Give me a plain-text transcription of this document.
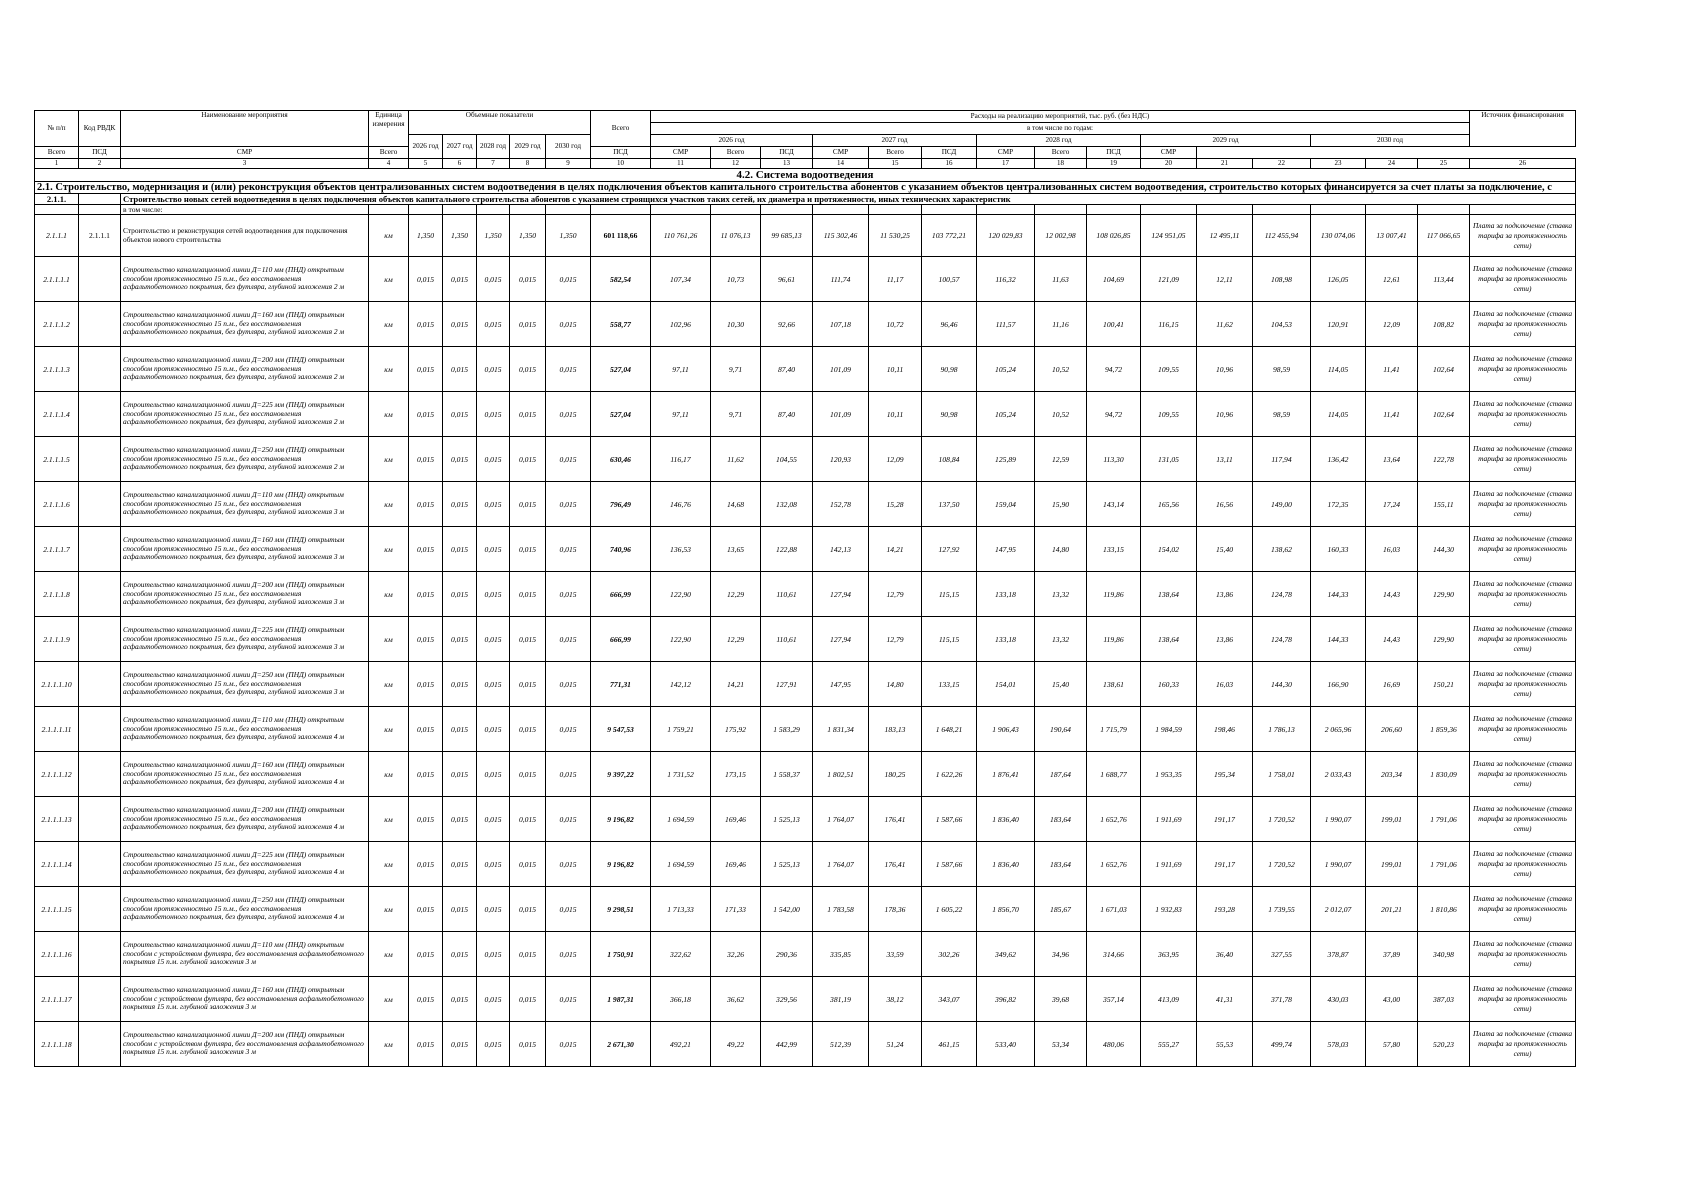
№ п/п	Код РВДК	Наименование мероприятия	Единица измерения	Объемные показатели					Всего	Расходы на реализацию мероприятий, тыс. руб. (без НДС)															Источник финансирования
										в том числе по годам:															
				2026 год	2027 год	2028 год	2029 год	2030 год		2026 год			2027 год			2028 год			2029 год			2030 год			
Всего	ПСД	СМР	Всего						ПСД	СМР	Всего	ПСД	СМР	Всего	ПСД	СМР	Всего	ПСД	СМР						
1	2	3	4	5	6	7	8	9	10	11	12	13	14	15	16	17	18	19	20	21	22	23	24	25	26
4.2. Система водоотведения																									
2.1. Строительство, модернизация и (или) реконструкция объектов централизованных систем водоотведения в целях подключения объектов капитального строительства абонентов с указанием объектов централизованных систем водоотведения, строительство которых финансируется за счет платы за подключение, с																									
2.1.1.		Строительство новых сетей водоотведения в целях подключения объектов капитального строительства абонентов с указанием строящихся участков таких сетей, их диаметра и протяженности, иных технических характеристик																							
		в том числе:																							
2.1.1.1	2.1.1.1	Строительство и реконструкция сетей водоотведения для подключения объектов нового строительства	км	1,350	1,350	1,350	1,350	1,350	601 118,66	110 761,26	11 076,13	99 685,13	115 302,46	11 530,25	103 772,21	120 029,83	12 002,98	108 026,85	124 951,05	12 495,11	112 455,94	130 074,06	13 007,41	117 066,65	Плата за подключение (ставка тарифа за протяженность сети)
2.1.1.1.1		Строительство канализационной линии Д=110 мм (ПНД) открытым способом протяженностью 15 п.м., без восстановления асфальтобетонного покрытия, без футляра, глубиной заложения 2 м	км	0,015	0,015	0,015	0,015	0,015	582,54	107,34	10,73	96,61	111,74	11,17	100,57	116,32	11,63	104,69	121,09	12,11	108,98	126,05	12,61	113,44	Плата за подключение (ставка тарифа за протяженность сети)
2.1.1.1.2		Строительство канализационной линии Д=160 мм (ПНД) открытым способом протяженностью 15 п.м., без восстановления асфальтобетонного покрытия, без футляра, глубиной заложения 2 м	км	0,015	0,015	0,015	0,015	0,015	558,77	102,96	10,30	92,66	107,18	10,72	96,46	111,57	11,16	100,41	116,15	11,62	104,53	120,91	12,09	108,82	Плата за подключение (ставка тарифа за протяженность сети)
2.1.1.1.3		Строительство канализационной линии Д=200 мм (ПНД) открытым способом протяженностью 15 п.м., без восстановления асфальтобетонного покрытия, без футляра, глубиной заложения 2 м	км	0,015	0,015	0,015	0,015	0,015	527,04	97,11	9,71	87,40	101,09	10,11	90,98	105,24	10,52	94,72	109,55	10,96	98,59	114,05	11,41	102,64	Плата за подключение (ставка тарифа за протяженность сети)
2.1.1.1.4		Строительство канализационной линии Д=225 мм (ПНД) открытым способом протяженностью 15 п.м., без восстановления асфальтобетонного покрытия, без футляра, глубиной заложения 2 м	км	0,015	0,015	0,015	0,015	0,015	527,04	97,11	9,71	87,40	101,09	10,11	90,98	105,24	10,52	94,72	109,55	10,96	98,59	114,05	11,41	102,64	Плата за подключение (ставка тарифа за протяженность сети)
2.1.1.1.5		Строительство канализационной линии Д=250 мм (ПНД) открытым способом протяженностью 15 п.м., без восстановления асфальтобетонного покрытия, без футляра, глубиной заложения 2 м	км	0,015	0,015	0,015	0,015	0,015	630,46	116,17	11,62	104,55	120,93	12,09	108,84	125,89	12,59	113,30	131,05	13,11	117,94	136,42	13,64	122,78	Плата за подключение (ставка тарифа за протяженность сети)
2.1.1.1.6		Строительство канализационной линии Д=110 мм (ПНД) открытым способом протяженностью 15 п.м., без восстановления асфальтобетонного покрытия, без футляра, глубиной заложения 3 м	км	0,015	0,015	0,015	0,015	0,015	796,49	146,76	14,68	132,08	152,78	15,28	137,50	159,04	15,90	143,14	165,56	16,56	149,00	172,35	17,24	155,11	Плата за подключение (ставка тарифа за протяженность сети)
2.1.1.1.7		Строительство канализационной линии Д=160 мм (ПНД) открытым способом протяженностью 15 п.м., без восстановления асфальтобетонного покрытия, без футляра, глубиной заложения 3 м	км	0,015	0,015	0,015	0,015	0,015	740,96	136,53	13,65	122,88	142,13	14,21	127,92	147,95	14,80	133,15	154,02	15,40	138,62	160,33	16,03	144,30	Плата за подключение (ставка тарифа за протяженность сети)
2.1.1.1.8		Строительство канализационной линии Д=200 мм (ПНД) открытым способом протяженностью 15 п.м., без восстановления асфальтобетонного покрытия, без футляра, глубиной заложения 3 м	км	0,015	0,015	0,015	0,015	0,015	666,99	122,90	12,29	110,61	127,94	12,79	115,15	133,18	13,32	119,86	138,64	13,86	124,78	144,33	14,43	129,90	Плата за подключение (ставка тарифа за протяженность сети)
2.1.1.1.9		Строительство канализационной линии Д=225 мм (ПНД) открытым способом протяженностью 15 п.м., без восстановления асфальтобетонного покрытия, без футляра, глубиной заложения 3 м	км	0,015	0,015	0,015	0,015	0,015	666,99	122,90	12,29	110,61	127,94	12,79	115,15	133,18	13,32	119,86	138,64	13,86	124,78	144,33	14,43	129,90	Плата за подключение (ставка тарифа за протяженность сети)
2.1.1.1.10		Строительство канализационной линии Д=250 мм (ПНД) открытым способом протяженностью 15 п.м., без восстановления асфальтобетонного покрытия, без футляра, глубиной заложения 3 м	км	0,015	0,015	0,015	0,015	0,015	771,31	142,12	14,21	127,91	147,95	14,80	133,15	154,01	15,40	138,61	160,33	16,03	144,30	166,90	16,69	150,21	Плата за подключение (ставка тарифа за протяженность сети)
2.1.1.1.11		Строительство канализационной линии Д=110 мм (ПНД) открытым способом протяженностью 15 п.м., без восстановления асфальтобетонного покрытия, без футляра, глубиной заложения 4 м	км	0,015	0,015	0,015	0,015	0,015	9 547,53	1 759,21	175,92	1 583,29	1 831,34	183,13	1 648,21	1 906,43	190,64	1 715,79	1 984,59	198,46	1 786,13	2 065,96	206,60	1 859,36	Плата за подключение (ставка тарифа за протяженность сети)
2.1.1.1.12		Строительство канализационной линии Д=160 мм (ПНД) открытым способом протяженностью 15 п.м., без восстановления асфальтобетонного покрытия, без футляра, глубиной заложения 4 м	км	0,015	0,015	0,015	0,015	0,015	9 397,22	1 731,52	173,15	1 558,37	1 802,51	180,25	1 622,26	1 876,41	187,64	1 688,77	1 953,35	195,34	1 758,01	2 033,43	203,34	1 830,09	Плата за подключение (ставка тарифа за протяженность сети)
2.1.1.1.13		Строительство канализационной линии Д=200 мм (ПНД) открытым способом протяженностью 15 п.м., без восстановления асфальтобетонного покрытия, без футляра, глубиной заложения 4 м	км	0,015	0,015	0,015	0,015	0,015	9 196,82	1 694,59	169,46	1 525,13	1 764,07	176,41	1 587,66	1 836,40	183,64	1 652,76	1 911,69	191,17	1 720,52	1 990,07	199,01	1 791,06	Плата за подключение (ставка тарифа за протяженность сети)
2.1.1.1.14		Строительство канализационной линии Д=225 мм (ПНД) открытым способом протяженностью 15 п.м., без восстановления асфальтобетонного покрытия, без футляра, глубиной заложения 4 м	км	0,015	0,015	0,015	0,015	0,015	9 196,82	1 694,59	169,46	1 525,13	1 764,07	176,41	1 587,66	1 836,40	183,64	1 652,76	1 911,69	191,17	1 720,52	1 990,07	199,01	1 791,06	Плата за подключение (ставка тарифа за протяженность сети)
2.1.1.1.15		Строительство канализационной линии Д=250 мм (ПНД) открытым способом протяженностью 15 п.м., без восстановления асфальтобетонного покрытия, без футляра, глубиной заложения 4 м	км	0,015	0,015	0,015	0,015	0,015	9 298,51	1 713,33	171,33	1 542,00	1 783,58	178,36	1 605,22	1 856,70	185,67	1 671,03	1 932,83	193,28	1 739,55	2 012,07	201,21	1 810,86	Плата за подключение (ставка тарифа за протяженность сети)
2.1.1.1.16		Строительство канализационной линии Д=110 мм (ПНД) открытым способом с устройством футляра, без восстановления асфальтобетонного покрытия 15 п.м. глубиной заложения 3 м	км	0,015	0,015	0,015	0,015	0,015	1 750,91	322,62	32,26	290,36	335,85	33,59	302,26	349,62	34,96	314,66	363,95	36,40	327,55	378,87	37,89	340,98	Плата за подключение (ставка тарифа за протяженность сети)
2.1.1.1.17		Строительство канализационной линии Д=160 мм (ПНД) открытым способом с устройством футляра, без восстановления асфальтобетонного покрытия 15 п.м. глубиной заложения 3 м	км	0,015	0,015	0,015	0,015	0,015	1 987,31	366,18	36,62	329,56	381,19	38,12	343,07	396,82	39,68	357,14	413,09	41,31	371,78	430,03	43,00	387,03	Плата за подключение (ставка тарифа за протяженность сети)
2.1.1.1.18		Строительство канализационной линии Д=200 мм (ПНД) открытым способом с устройством футляра, без восстановления асфальтобетонного покрытия 15 п.м. глубиной заложения 3 м	км	0,015	0,015	0,015	0,015	0,015	2 671,30	492,21	49,22	442,99	512,39	51,24	461,15	533,40	53,34	480,06	555,27	55,53	499,74	578,03	57,80	520,23	Плата за подключение (ставка тарифа за протяженность сети)
